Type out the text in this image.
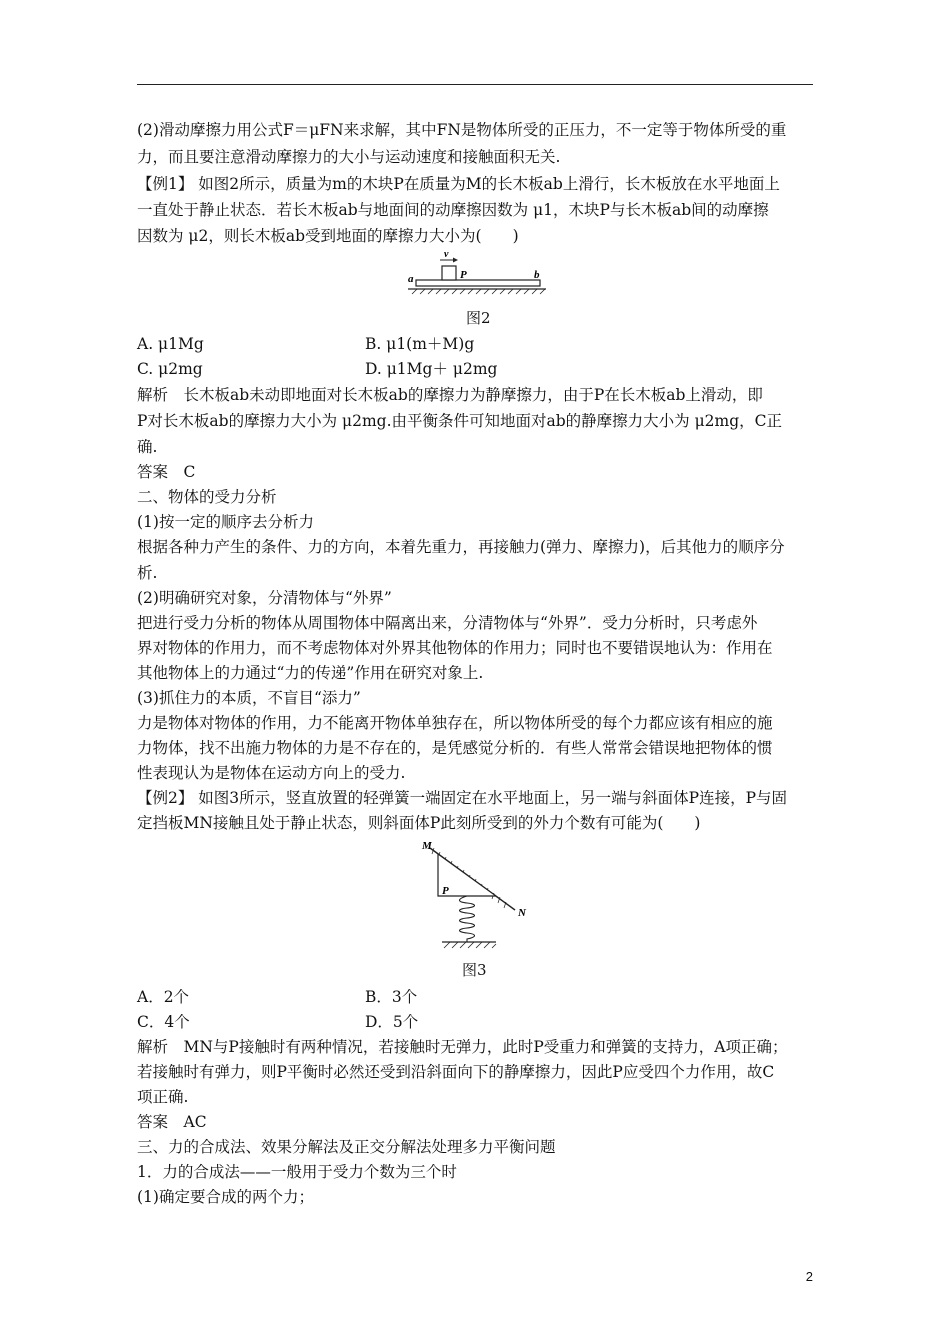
(2)滑动摩擦力用公式F＝μFN来求解，其中FN是物体所受的正压力，不一定等于物体所受的重
力，而且要注意滑动摩擦力的大小与运动速度和接触面积无关.
【例1】 如图2所示，质量为m的木块P在质量为M的长木板ab上滑行，长木板放在水平地面上
一直处于静止状态．若长木板ab与地面间的动摩擦因数为 μ1，木块P与长木板ab间的动摩擦
因数为 μ2，则长木板ab受到地面的摩擦力大小为(　　)
v
P
a	b
图2
A. μ1Mg	B. μ1(m＋M)g
C. μ2mg	D. μ1Mg＋ μ2mg
解析　长木板ab未动即地面对长木板ab的摩擦力为静摩擦力，由于P在长木板ab上滑动，即
P对长木板ab的摩擦力大小为 μ2mg.由平衡条件可知地面对ab的静摩擦力大小为 μ2mg，C正
确.
答案　C
二、物体的受力分析
(1)按一定的顺序去分析力
根据各种力产生的条件、力的方向，本着先重力，再接触力(弹力、摩擦力)，后其他力的顺序分
析.
(2)明确研究对象，分清物体与“外界”
把进行受力分析的物体从周围物体中隔离出来，分清物体与“外界”．受力分析时，只考虑外
界对物体的作用力，而不考虑物体对外界其他物体的作用力；同时也不要错误地认为：作用在
其他物体上的力通过“力的传递”作用在研究对象上.
(3)抓住力的本质，不盲目“添力”
力是物体对物体的作用，力不能离开物体单独存在，所以物体所受的每个力都应该有相应的施
力物体，找不出施力物体的力是不存在的，是凭感觉分析的．有些人常常会错误地把物体的惯
性表现认为是物体在运动方向上的受力.
【例2】 如图3所示，竖直放置的轻弹簧一端固定在水平地面上，另一端与斜面体P连接，P与固
定挡板MN接触且处于静止状态，则斜面体P此刻所受到的外力个数有可能为(　　)
M
N
P
图3
A．2个	B．3个
C．4个	D．5个
解析　MN与P接触时有两种情况，若接触时无弹力，此时P受重力和弹簧的支持力，A项正确；
若接触时有弹力，则P平衡时必然还受到沿斜面向下的静摩擦力，因此P应受四个力作用，故C
项正确.
答案　AC
三、力的合成法、效果分解法及正交分解法处理多力平衡问题
1．力的合成法——一般用于受力个数为三个时
(1)确定要合成的两个力；
2
